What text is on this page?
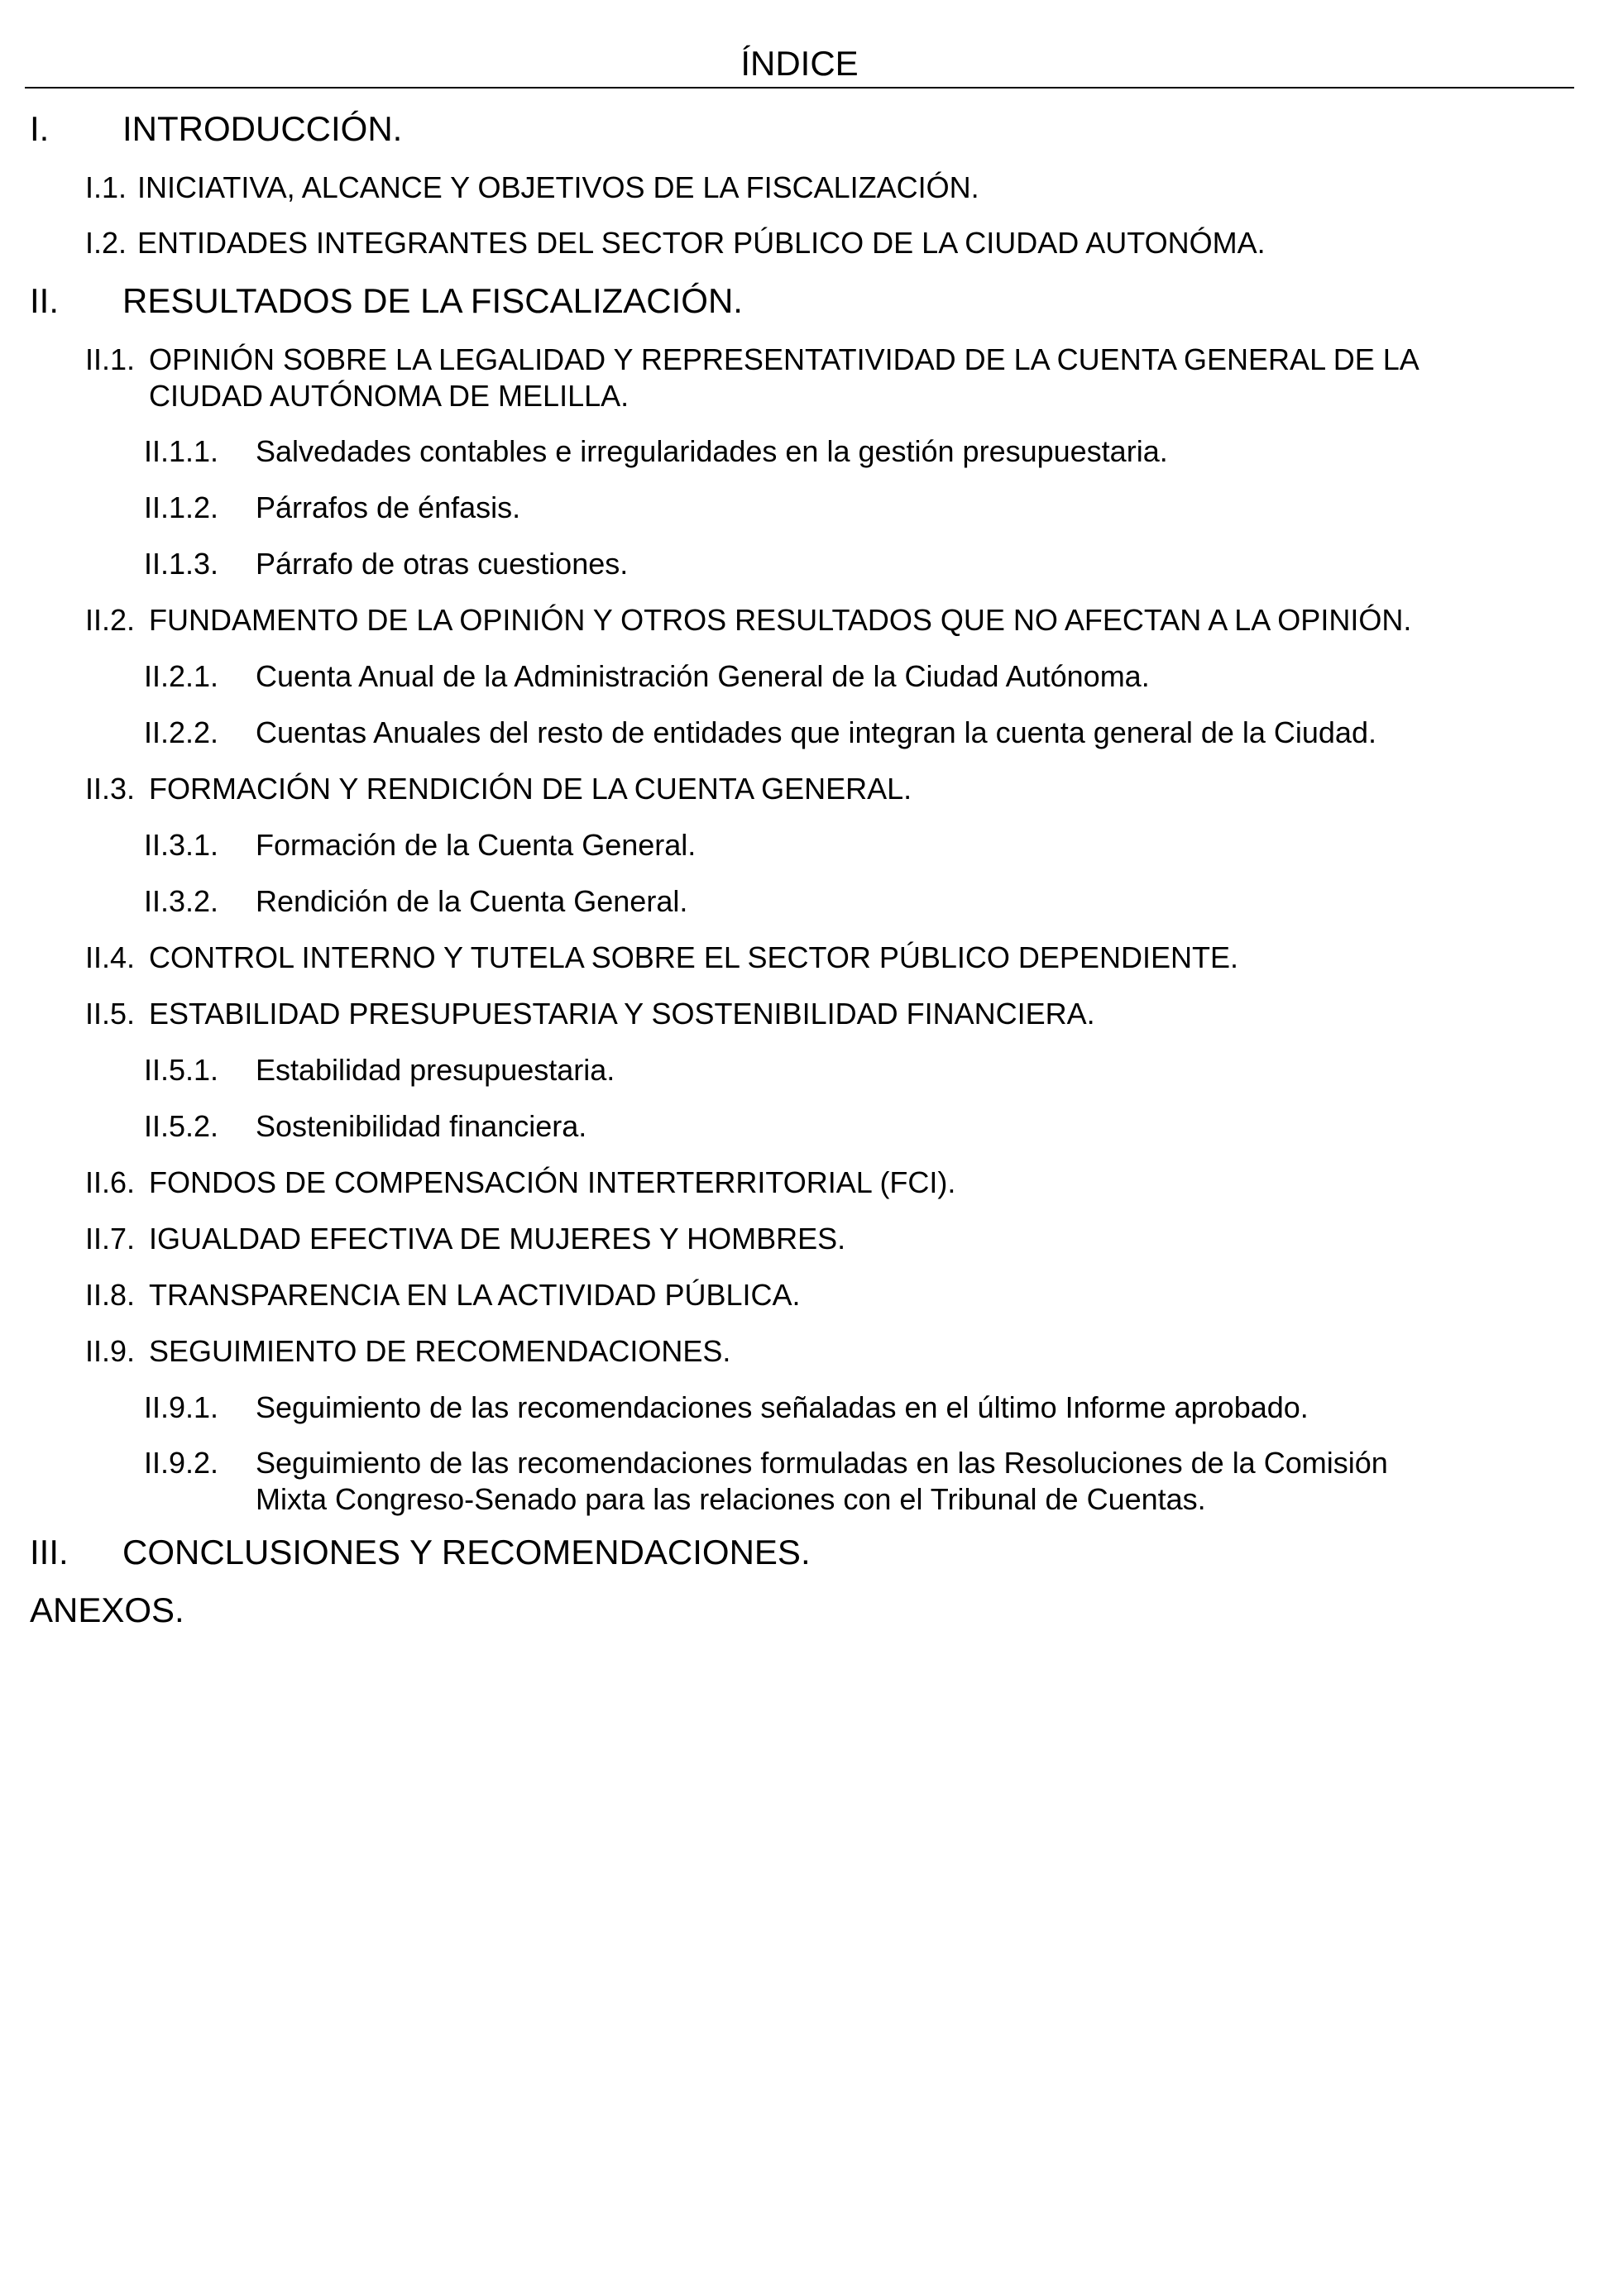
ÍNDICE
I. INTRODUCCIÓN.
I.1. INICIATIVA, ALCANCE Y OBJETIVOS DE LA FISCALIZACIÓN.
I.2. ENTIDADES INTEGRANTES DEL SECTOR PÚBLICO DE LA CIUDAD AUTONÓMA.
II. RESULTADOS DE LA FISCALIZACIÓN.
II.1. OPINIÓN SOBRE LA LEGALIDAD Y REPRESENTATIVIDAD DE LA CUENTA GENERAL DE LA
CIUDAD AUTÓNOMA DE MELILLA.
II.1.1. Salvedades contables e irregularidades en la gestión presupuestaria.
II.1.2. Párrafos de énfasis.
II.1.3. Párrafo de otras cuestiones.
II.2. FUNDAMENTO DE LA OPINIÓN Y OTROS RESULTADOS QUE NO AFECTAN A LA OPINIÓN.
II.2.1. Cuenta Anual de la Administración General de la Ciudad Autónoma.
II.2.2. Cuentas Anuales del resto de entidades que integran la cuenta general de la Ciudad.
II.3. FORMACIÓN Y RENDICIÓN DE LA CUENTA GENERAL.
II.3.1. Formación de la Cuenta General.
II.3.2. Rendición de la Cuenta General.
II.4. CONTROL INTERNO Y TUTELA SOBRE EL SECTOR PÚBLICO DEPENDIENTE.
II.5. ESTABILIDAD PRESUPUESTARIA Y SOSTENIBILIDAD FINANCIERA.
II.5.1. Estabilidad presupuestaria.
II.5.2. Sostenibilidad financiera.
II.6. FONDOS DE COMPENSACIÓN INTERTERRITORIAL (FCI).
II.7. IGUALDAD EFECTIVA DE MUJERES Y HOMBRES.
II.8. TRANSPARENCIA EN LA ACTIVIDAD PÚBLICA.
II.9. SEGUIMIENTO DE RECOMENDACIONES.
II.9.1. Seguimiento de las recomendaciones señaladas en el último Informe aprobado.
II.9.2. Seguimiento de las recomendaciones formuladas en las Resoluciones de la Comisión
Mixta Congreso-Senado para las relaciones con el Tribunal de Cuentas.
III. CONCLUSIONES Y RECOMENDACIONES.
ANEXOS.
